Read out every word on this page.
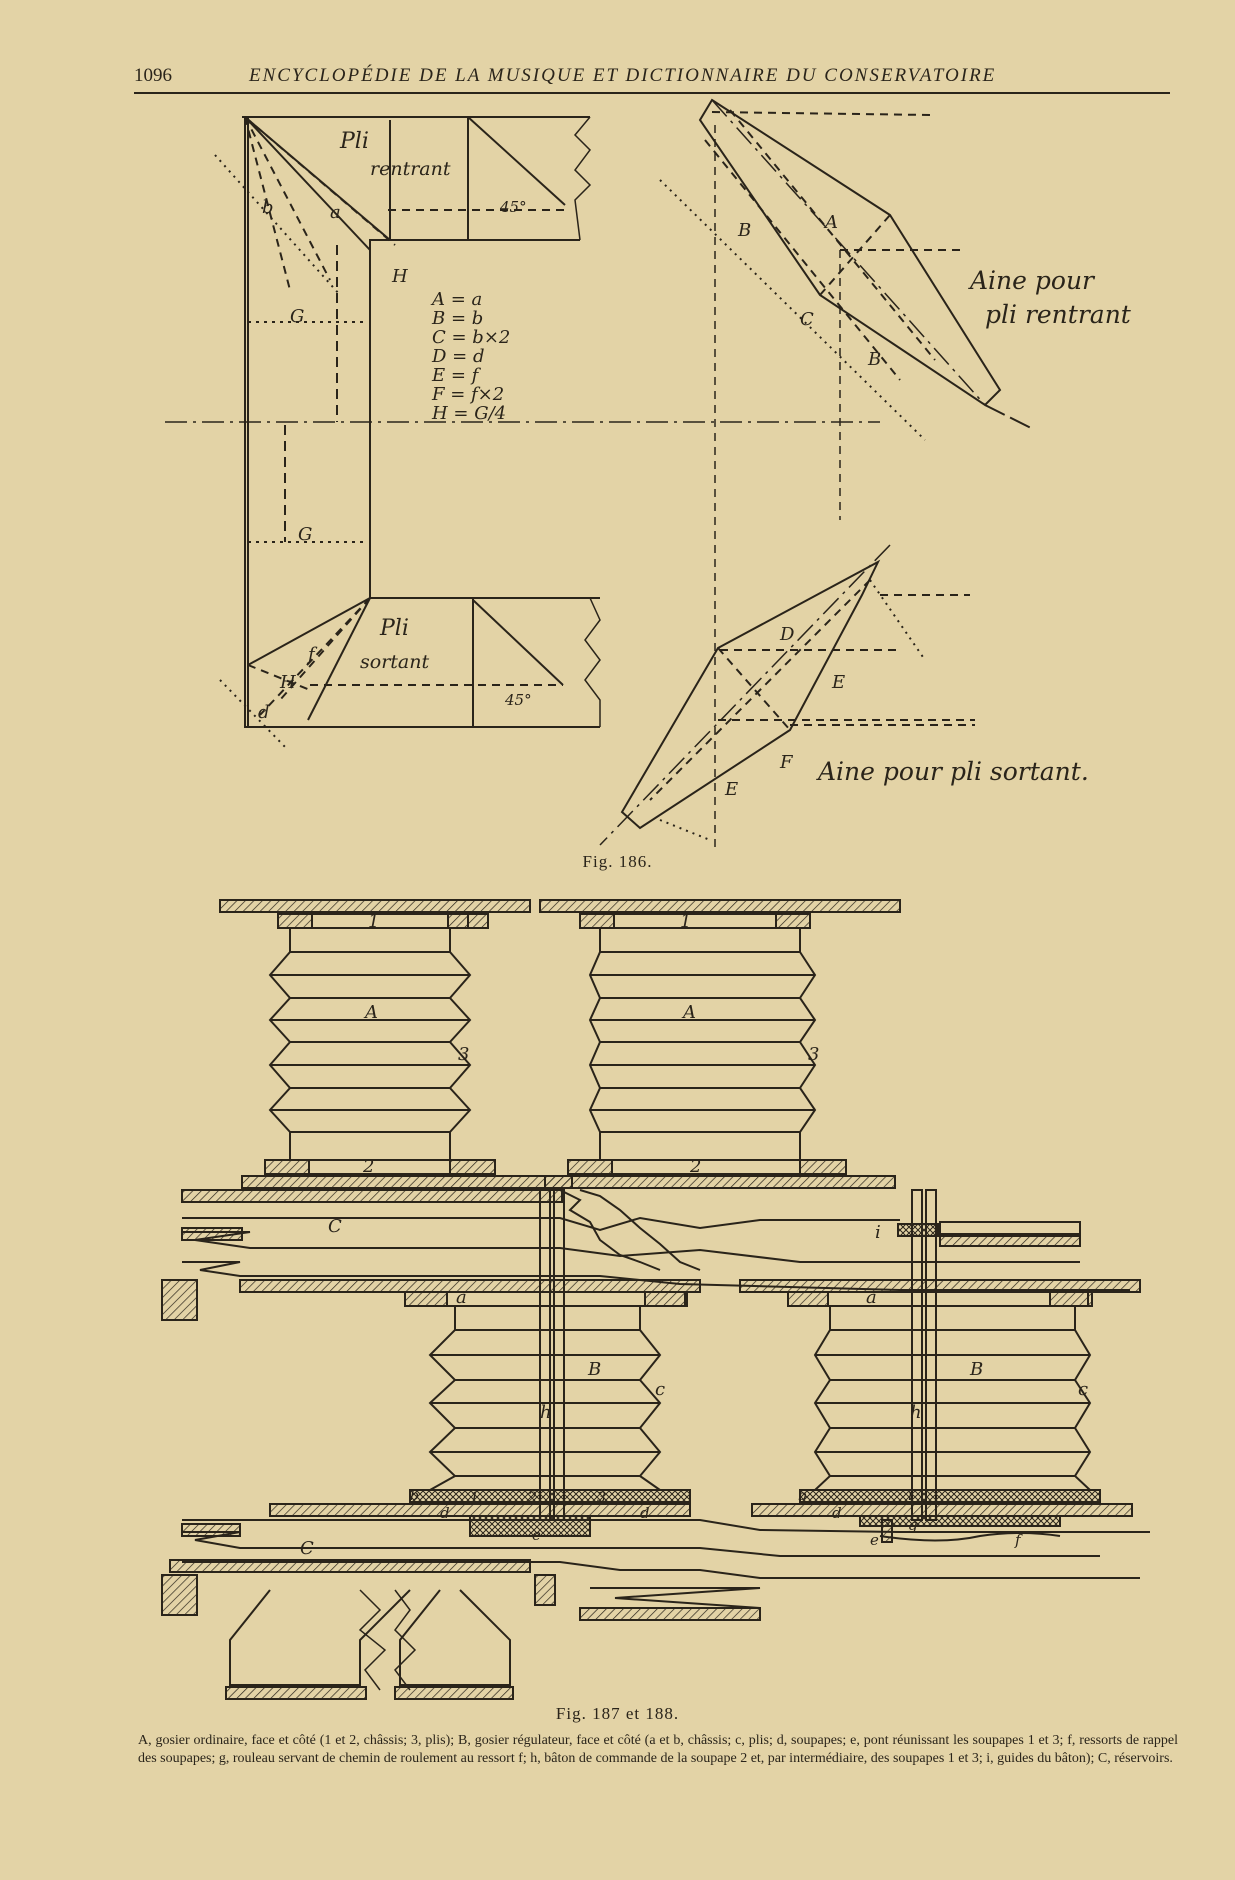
1096	ENCYCLOPÉDIE DE LA MUSIQUE ET DICTIONNAIRE DU CONSERVATOIRE
Pli
rentrant
Pli
sortant
Aine pour
pli rentrant
Aine pour pli sortant.
45°
45°
b	a
H
G
G
f
H
d
A
B
C
B
D
E
F
E
A = a
B = b
C = b×2
D = d
E = f
F = f×2
H = G/4
Fig. 186.
1	1
A	A
3	3
2	2
C	i
a	a
B	B
c	c
h	h
b	b
1	2	3	i
d	d	d
e	e
g
f
C
Fig. 187 et 188.
A, gosier ordinaire, face et côté (1 et 2, châssis; 3, plis); B, gosier régulateur, face et côté (a et b, châssis; c, plis; d, soupapes; e, pont réunissant les soupapes 1 et 3; f, ressorts de rappel des soupapes; g, rouleau servant de chemin de roulement au ressort f; h, bâton de commande de la soupape 2 et, par intermédiaire, des soupapes 1 et 3; i, guides du bâton); C, réservoirs.
